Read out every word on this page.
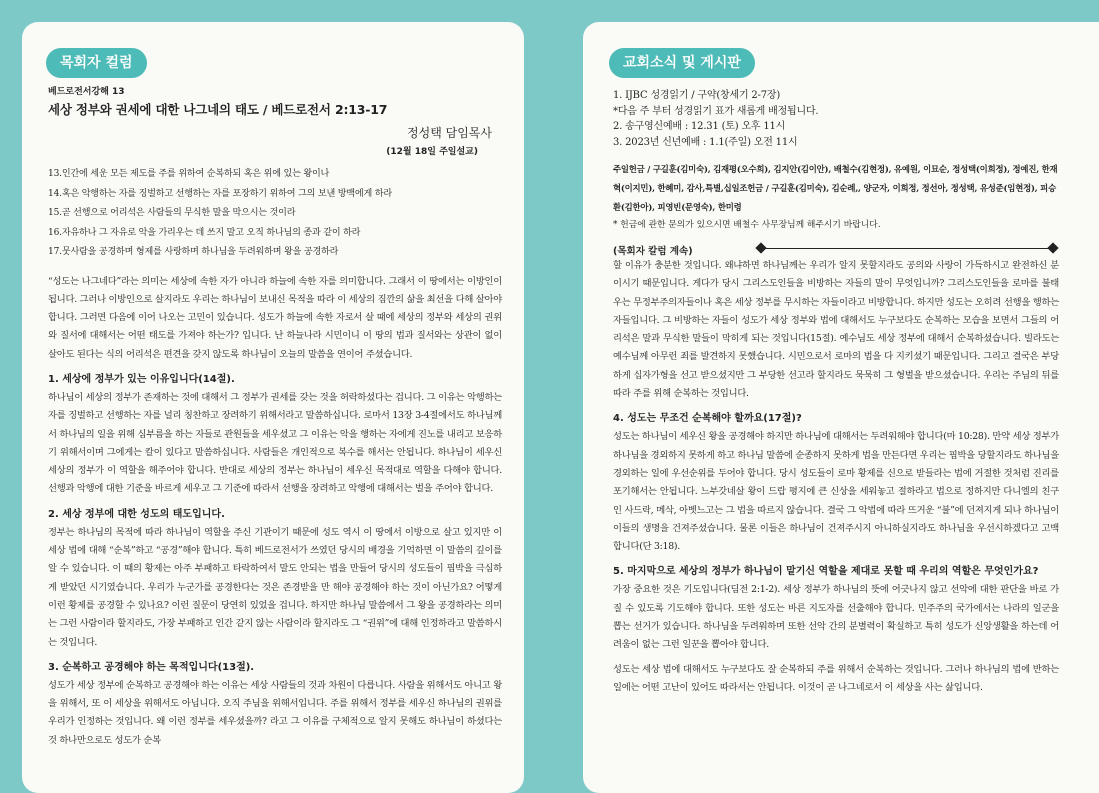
목회자 컬럼

베드로전서강해 13

세상 정부와 권세에 대한 나그네의 태도 / 베드로전서 2:13-17

정성택 담임목사

(12월 18일 주일설교)

13.인간에 세운 모든 제도를 주를 위하여 순복하되 혹은 위에 있는 왕이나
14.혹은 악행하는 자를 징벌하고 선행하는 자를 포장하기 위하여 그의 보낸 방백에게 하라
15.곧 선행으로 어리석은 사람들의 무식한 말을 막으시는 것이라
16.자유하나 그 자유로 악을 가리우는 데 쓰지 말고 오직 하나님의 종과 같이 하라
17.뭇사람을 공경하며 형제를 사랑하며 하나님을 두려워하며 왕을 공경하라

“성도는 나그네다”라는 의미는 세상에 속한 자가 아니라 하늘에 속한 자를 의미합니다. 그래서 이 땅에서는 이방인이 됩니다. 그러나 이방인으로 살지라도 우리는 하나님이 보내신 목적을 따라 이 세상의 짐깐의 삶을 최선을 다해 살아야 합니다. 그러면 다음에 이어 나오는 고민이 있습니다. 성도가 하늘에 속한 자로서 살 때에 세상의 정부와 세상의 권위와 질서에 대해서는 어떤 태도를 가져야 하는가? 입니다. 난 하늘나라 시민이니 이 땅의 법과 질서와는 상관이 없이 살아도 된다는 식의 어리석은 편견을 갖지 않도록 하나님이 오늘의 말씀을 연이어 주셨습니다.

1. 세상에 정부가 있는 이유입니다(14절).

하나님이 세상의 정부가 존재하는 것에 대해서 그 정부가 권세를 갖는 것을 허락하셨다는 겁니다. 그 이유는 악행하는 자를 징벌하고 선행하는 자를 널리 칭찬하고 장려하기 위해서라고 말씀하십니다. 로마서 13장 3-4절에서도 하나님께서 하나님의 일을 위해 심부름을 하는 자들로 관원들을 세우셨고 그 이유는 악을 행하는 자에게 진노를 내리고 보응하기 위해서이며 그에게는 칼이 있다고 말씀하십니다. 사람들은 개인적으로 복수를 해서는 안됩니다. 하나님이 세우신 세상의 정부가 이 역할을 해주어야 합니다. 반대로 세상의 정부는 하나님이 세우신 목적대로 역할을 다해야 합니다. 선행과 악행에 대한 기준을 바르게 세우고 그 기준에 따라서 선행을 장려하고 악행에 대해서는 벌을 주어야 합니다.

2. 세상 정부에 대한 성도의 태도입니다.

정부는 하나님의 목적에 따라 하나님이 역할을 주신 기관이기 때문에 성도 역시 이 땅에서 이방으로 살고 있지만 이 세상 법에 대해 “순복”하고 “공경”해야 합니다. 특히 베드로전서가 쓰였던 당시의 배경을 기억하면 이 말씀의 깊이를 알 수 있습니다. 이 때의 황제는 아주 부패하고 타락하여서 말도 안되는 법을 만들어 당시의 성도들이 핍박을 극심하게 받았던 시기였습니다. 우리가 누군가를 공경한다는 것은 존경받을 만 해야 공경해야 하는 것이 아닌가요? 어떻게 이런 황제를 공경할 수 있나요? 이런 질문이 당연히 있었을 겁니다. 하지만 하나님 말씀에서 그 왕을 공경하라는 의미는 그런 사람이라 할지라도, 가장 부패하고 인간 같지 않는 사람이라 할지라도 그 “권위”에 대해 인정하라고 말씀하시는 것입니다.

3. 순복하고 공경해야 하는 목적입니다(13절).

성도가 세상 정부에 순복하고 공경해야 하는 이유는 세상 사람들의 것과 차원이 다릅니다. 사람을 위해서도 아니고 왕을 위해서, 또 이 세상을 위해서도 아닙니다. 오직 주님을 위해서입니다. 주를 위해서 정부를 세우신 하나님의 권위를 우리가 인정하는 것입니다. 왜 이런 정부를 세우셨을까? 라고 그 이유를 구체적으로 알지 못해도 하나님이 하셨다는 것 하나만으로도 성도가 순복

교회소식 및 게시판
1. IJBC 성경읽기 / 구약(창세기 2-7장)
*다음 주 부터 성경읽기 표가 새롭게 배정됩니다.
2. 송구영신예배 : 12.31 (토) 오후 11시
3. 2023년 신년예배 : 1.1(주일) 오전 11시

주일헌금 / 구길훈(김미숙), 김재평(오수희), 김지안(김이안), 배철수(김현정), 유예원, 이묘순, 정성택(이희정), 정예진, 한재혁(이지민), 한혜미, 감사,특별,십일조헌금 / 구길훈(김미숙), 김순례,, 양군자, 이희정, 정선아, 정성택, 유성준(임현정), 피승환(김한아), 피영빈(문영숙), 한미령

* 헌금에 관한 문의가 있으시면 배철수 사무장님께 해주시기 바랍니다.

(목회자 칼럼 계속)

할 이유가 충분한 것입니다. 왜냐하면 하나님께는 우리가 알지 못할지라도 공의와 사랑이 가득하시고 완전하신 분이시기 때문입니다. 게다가 당시 그리스도인들을 비방하는 자들의 말이 무엇입니까? 그리스도인들을 로마를 불태우는 무정부주의자들이나 혹은 세상 정부를 무시하는 자들이라고 비방합니다. 하지만 성도는 오히려 선행을 행하는 자들입니다. 그 비방하는 자들이 성도가 세상 정부와 법에 대해서도 누구보다도 순복하는 모습을 보면서 그들의 어리석은 말과 무식한 말들이 막히게 되는 것입니다(15절). 예수님도 세상 정부에 대해서 순복하셨습니다. 빌라도는 예수님께 아무런 죄를 발견하지 못했습니다. 시민으로서 로마의 법을 다 지키셨기 때문입니다. 그리고 결국은 부당하게 십자가형을 선고 받으셨지만 그 부당한 선고라 할지라도 묵묵히 그 형벌을 받으셨습니다. 우리는 주님의 뒤를 따라 주를 위해 순복하는 것입니다.

4. 성도는 무조건 순복해야 할까요(17절)?

성도는 하나님이 세우신 왕을 공경해야 하지만 하나님에 대해서는 두려워해야 합니다(마 10:28). 만약 세상 정부가 하나님을 경외하지 못하게 하고 하나님 말씀에 순종하지 못하게 법을 만든다면 우리는 핍박을 당할지라도 하나님을 경외하는 일에 우선순위를 두어야 합니다. 당시 성도들이 로마 황제를 신으로 받들라는 법에 거절한 것처럼 진리를 포기해서는 안됩니다. 느부갓네살 왕이 드랍 평지에 큰 신상을 세워놓고 절하라고 법으로 정하지만 다니엘의 친구인 사드락, 메삭, 아벳느고는 그 법을 따르지 않습니다. 결국 그 악법에 따라 뜨거운 “불”에 던져지게 되나 하나님이 이들의 생명을 건져주셨습니다. 물론 이들은 하나님이 건져주시지 아니하실지라도 하나님을 우선시하겠다고 고백합니다(단 3:18).

5. 마지막으로 세상의 정부가 하나님이 맡기신 역할을 제대로 못할 때 우리의 역할은 무엇인가요?

가장 중요한 것은 기도입니다(딤전 2:1-2). 세상 정부가 하나님의 뜻에 어긋나지 않고 선악에 대한 판단을 바로 가질 수 있도록 기도해야 합니다. 또한 성도는 바른 지도자를 선출해야 합니다. 민주주의 국가에서는 나라의 일군을 뽑는 선거가 있습니다. 하나님을 두려워하며 또한 선악 간의 분별력이 확실하고 특히 성도가 신앙생활을 하는데 어려움이 없는 그런 일꾼을 뽑아야 합니다.

성도는 세상 법에 대해서도 누구보다도 잘 순복하되 주를 위해서 순복하는 것입니다. 그러나 하나님의 법에 반하는 일에는 어떤 고난이 있어도 따라서는 안됩니다. 이것이 곧 나그네로서 이 세상을 사는 삶입니다.
